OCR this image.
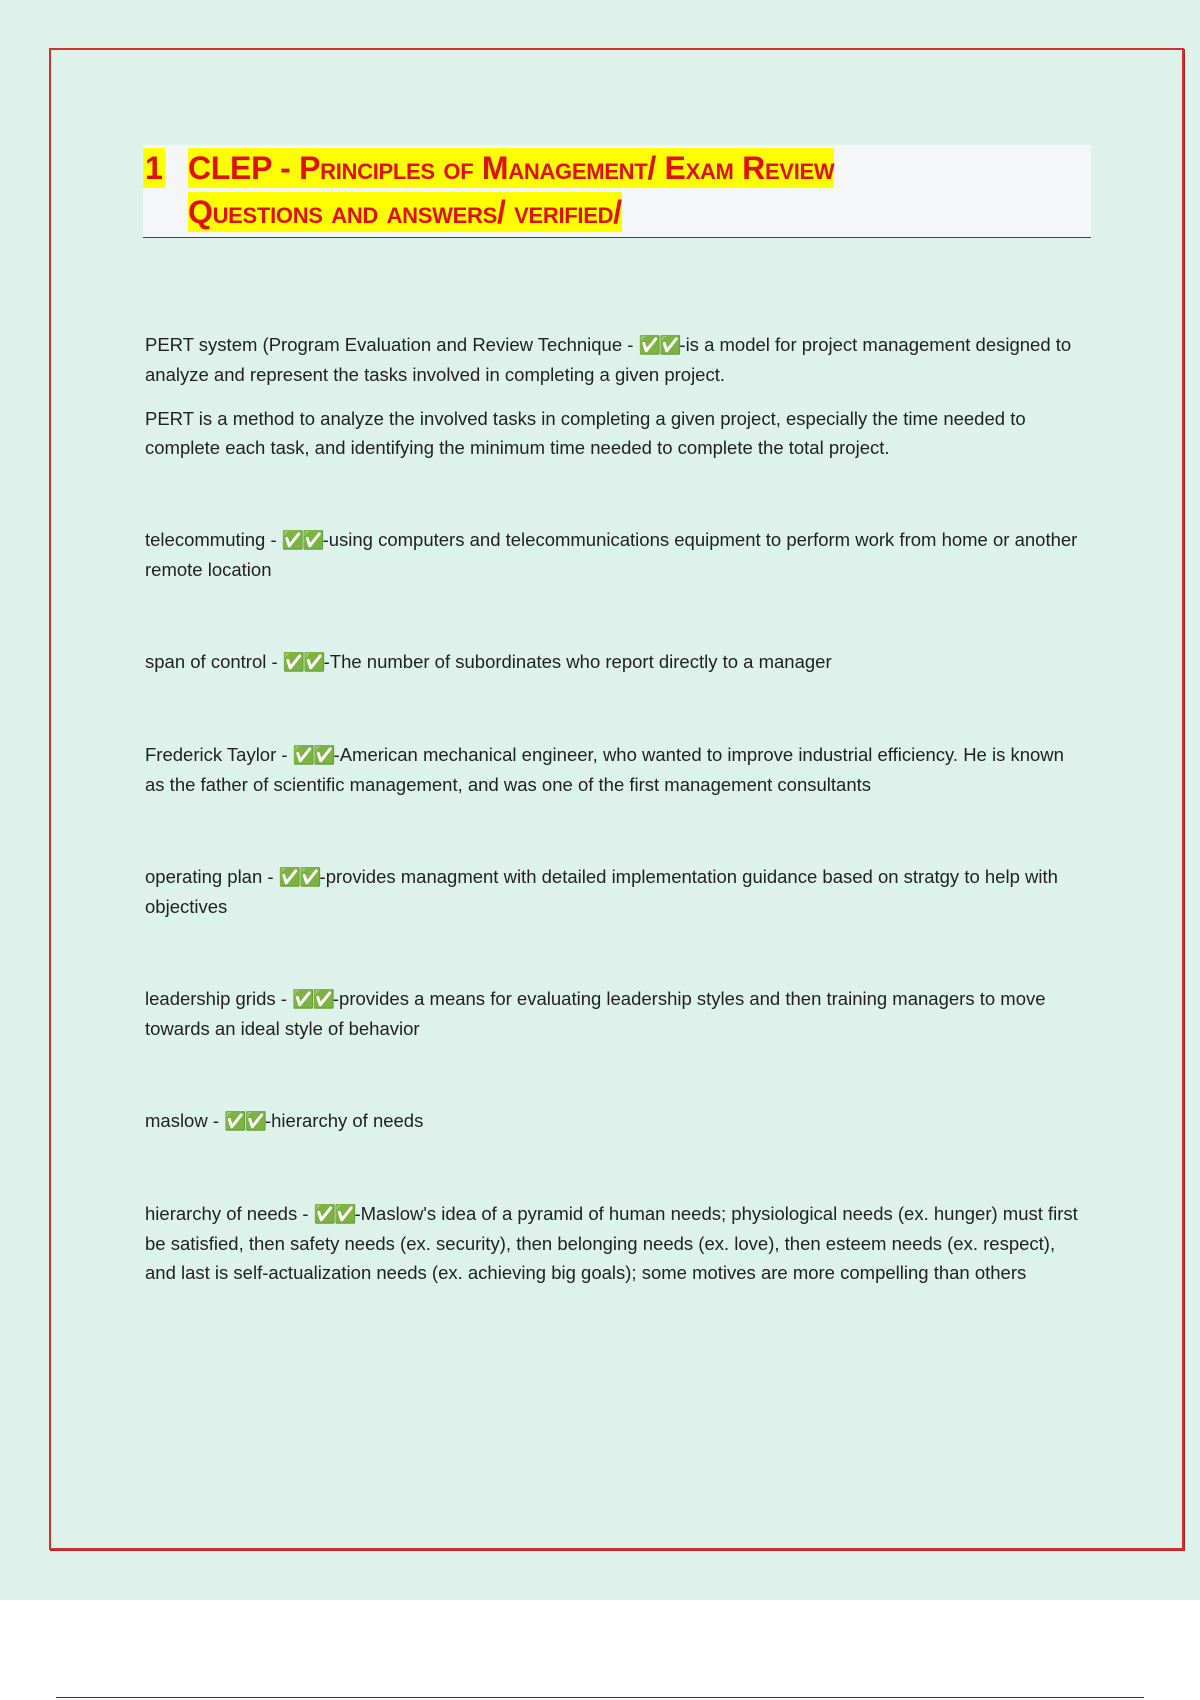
1 CLEP - Principles of Management/ Exam Review
Questions and answers/ verified/

PERT system (Program Evaluation and Review Technique - ✅✅-is a model for project management designed to analyze and represent the tasks involved in completing a given project.

PERT is a method to analyze the involved tasks in completing a given project, especially the time needed to complete each task, and identifying the minimum time needed to complete the total project.

telecommuting - ✅✅-using computers and telecommunications equipment to perform work from home or another remote location

span of control - ✅✅-The number of subordinates who report directly to a manager

Frederick Taylor - ✅✅-American mechanical engineer, who wanted to improve industrial efficiency. He is known as the father of scientific management, and was one of the first management consultants

operating plan - ✅✅-provides managment with detailed implementation guidance based on stratgy to help with objectives

leadership grids - ✅✅-provides a means for evaluating leadership styles and then training managers to move towards an ideal style of behavior

maslow - ✅✅-hierarchy of needs

hierarchy of needs - ✅✅-Maslow's idea of a pyramid of human needs; physiological needs (ex. hunger) must first be satisfied, then safety needs (ex. security), then belonging needs (ex. love), then esteem needs (ex. respect), and last is self-actualization needs (ex. achieving big goals); some motives are more compelling than others
